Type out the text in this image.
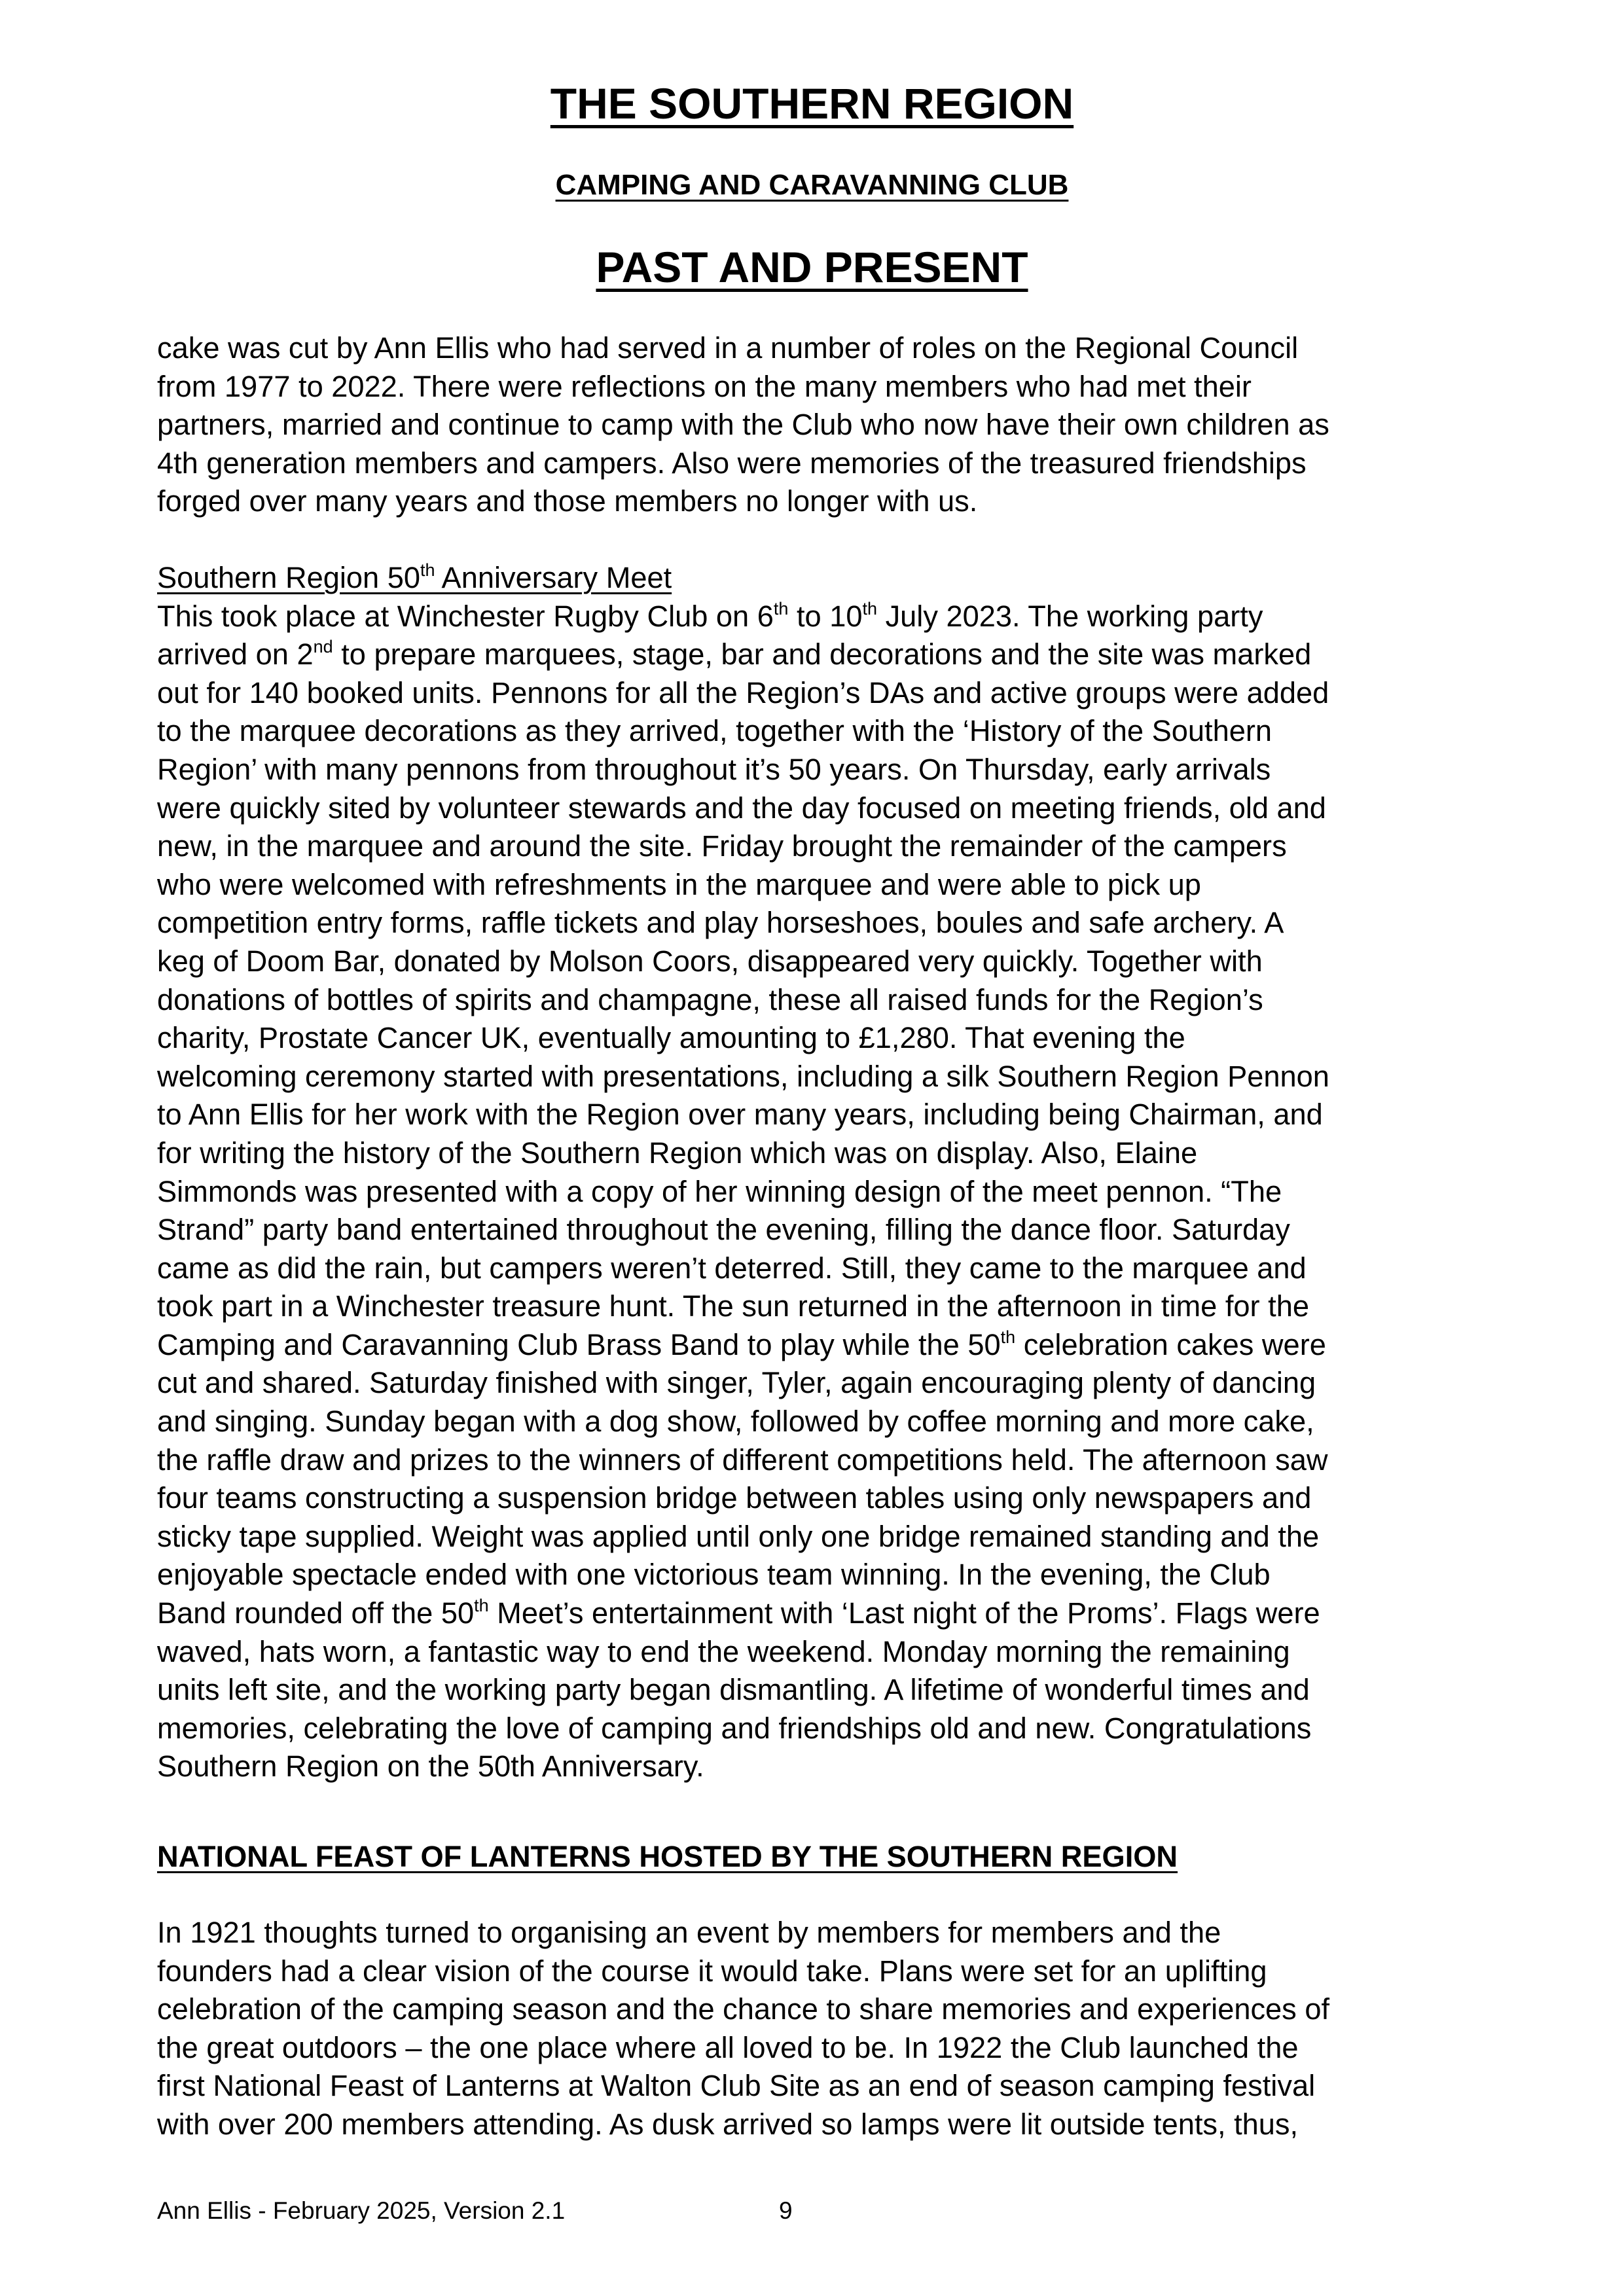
THE SOUTHERN REGION
CAMPING AND CARAVANNING CLUB
PAST AND PRESENT
cake was cut by Ann Ellis who had served in a number of roles on the Regional Council
from 1977 to 2022. There were reflections on the many members who had met their
partners, married and continue to camp with the Club who now have their own children as
4th generation members and campers. Also were memories of the treasured friendships
forged over many years and those members no longer with us.
Southern Region 50th Anniversary Meet
This took place at Winchester Rugby Club on 6th to 10th July 2023. The working party
arrived on 2nd to prepare marquees, stage, bar and decorations and the site was marked
out for 140 booked units. Pennons for all the Region’s DAs and active groups were added
to the marquee decorations as they arrived, together with the ‘History of the Southern
Region’ with many pennons from throughout it’s 50 years. On Thursday, early arrivals
were quickly sited by volunteer stewards and the day focused on meeting friends, old and
new, in the marquee and around the site. Friday brought the remainder of the campers
who were welcomed with refreshments in the marquee and were able to pick up
competition entry forms, raffle tickets and play horseshoes, boules and safe archery. A
keg of Doom Bar, donated by Molson Coors, disappeared very quickly. Together with
donations of bottles of spirits and champagne, these all raised funds for the Region’s
charity, Prostate Cancer UK, eventually amounting to £1,280. That evening the
welcoming ceremony started with presentations, including a silk Southern Region Pennon
to Ann Ellis for her work with the Region over many years, including being Chairman, and
for writing the history of the Southern Region which was on display. Also, Elaine
Simmonds was presented with a copy of her winning design of the meet pennon. “The
Strand” party band entertained throughout the evening, filling the dance floor. Saturday
came as did the rain, but campers weren’t deterred. Still, they came to the marquee and
took part in a Winchester treasure hunt. The sun returned in the afternoon in time for the
Camping and Caravanning Club Brass Band to play while the 50th celebration cakes were
cut and shared. Saturday finished with singer, Tyler, again encouraging plenty of dancing
and singing. Sunday began with a dog show, followed by coffee morning and more cake,
the raffle draw and prizes to the winners of different competitions held. The afternoon saw
four teams constructing a suspension bridge between tables using only newspapers and
sticky tape supplied. Weight was applied until only one bridge remained standing and the
enjoyable spectacle ended with one victorious team winning. In the evening, the Club
Band rounded off the 50th Meet’s entertainment with ‘Last night of the Proms’. Flags were
waved, hats worn, a fantastic way to end the weekend. Monday morning the remaining
units left site, and the working party began dismantling. A lifetime of wonderful times and
memories, celebrating the love of camping and friendships old and new. Congratulations
Southern Region on the 50th Anniversary.
NATIONAL FEAST OF LANTERNS HOSTED BY THE SOUTHERN REGION
In 1921 thoughts turned to organising an event by members for members and the
founders had a clear vision of the course it would take. Plans were set for an uplifting
celebration of the camping season and the chance to share memories and experiences of
the great outdoors – the one place where all loved to be. In 1922 the Club launched the
first National Feast of Lanterns at Walton Club Site as an end of season camping festival
with over 200 members attending. As dusk arrived so lamps were lit outside tents, thus,
Ann Ellis - February 2025, Version 2.1	9
